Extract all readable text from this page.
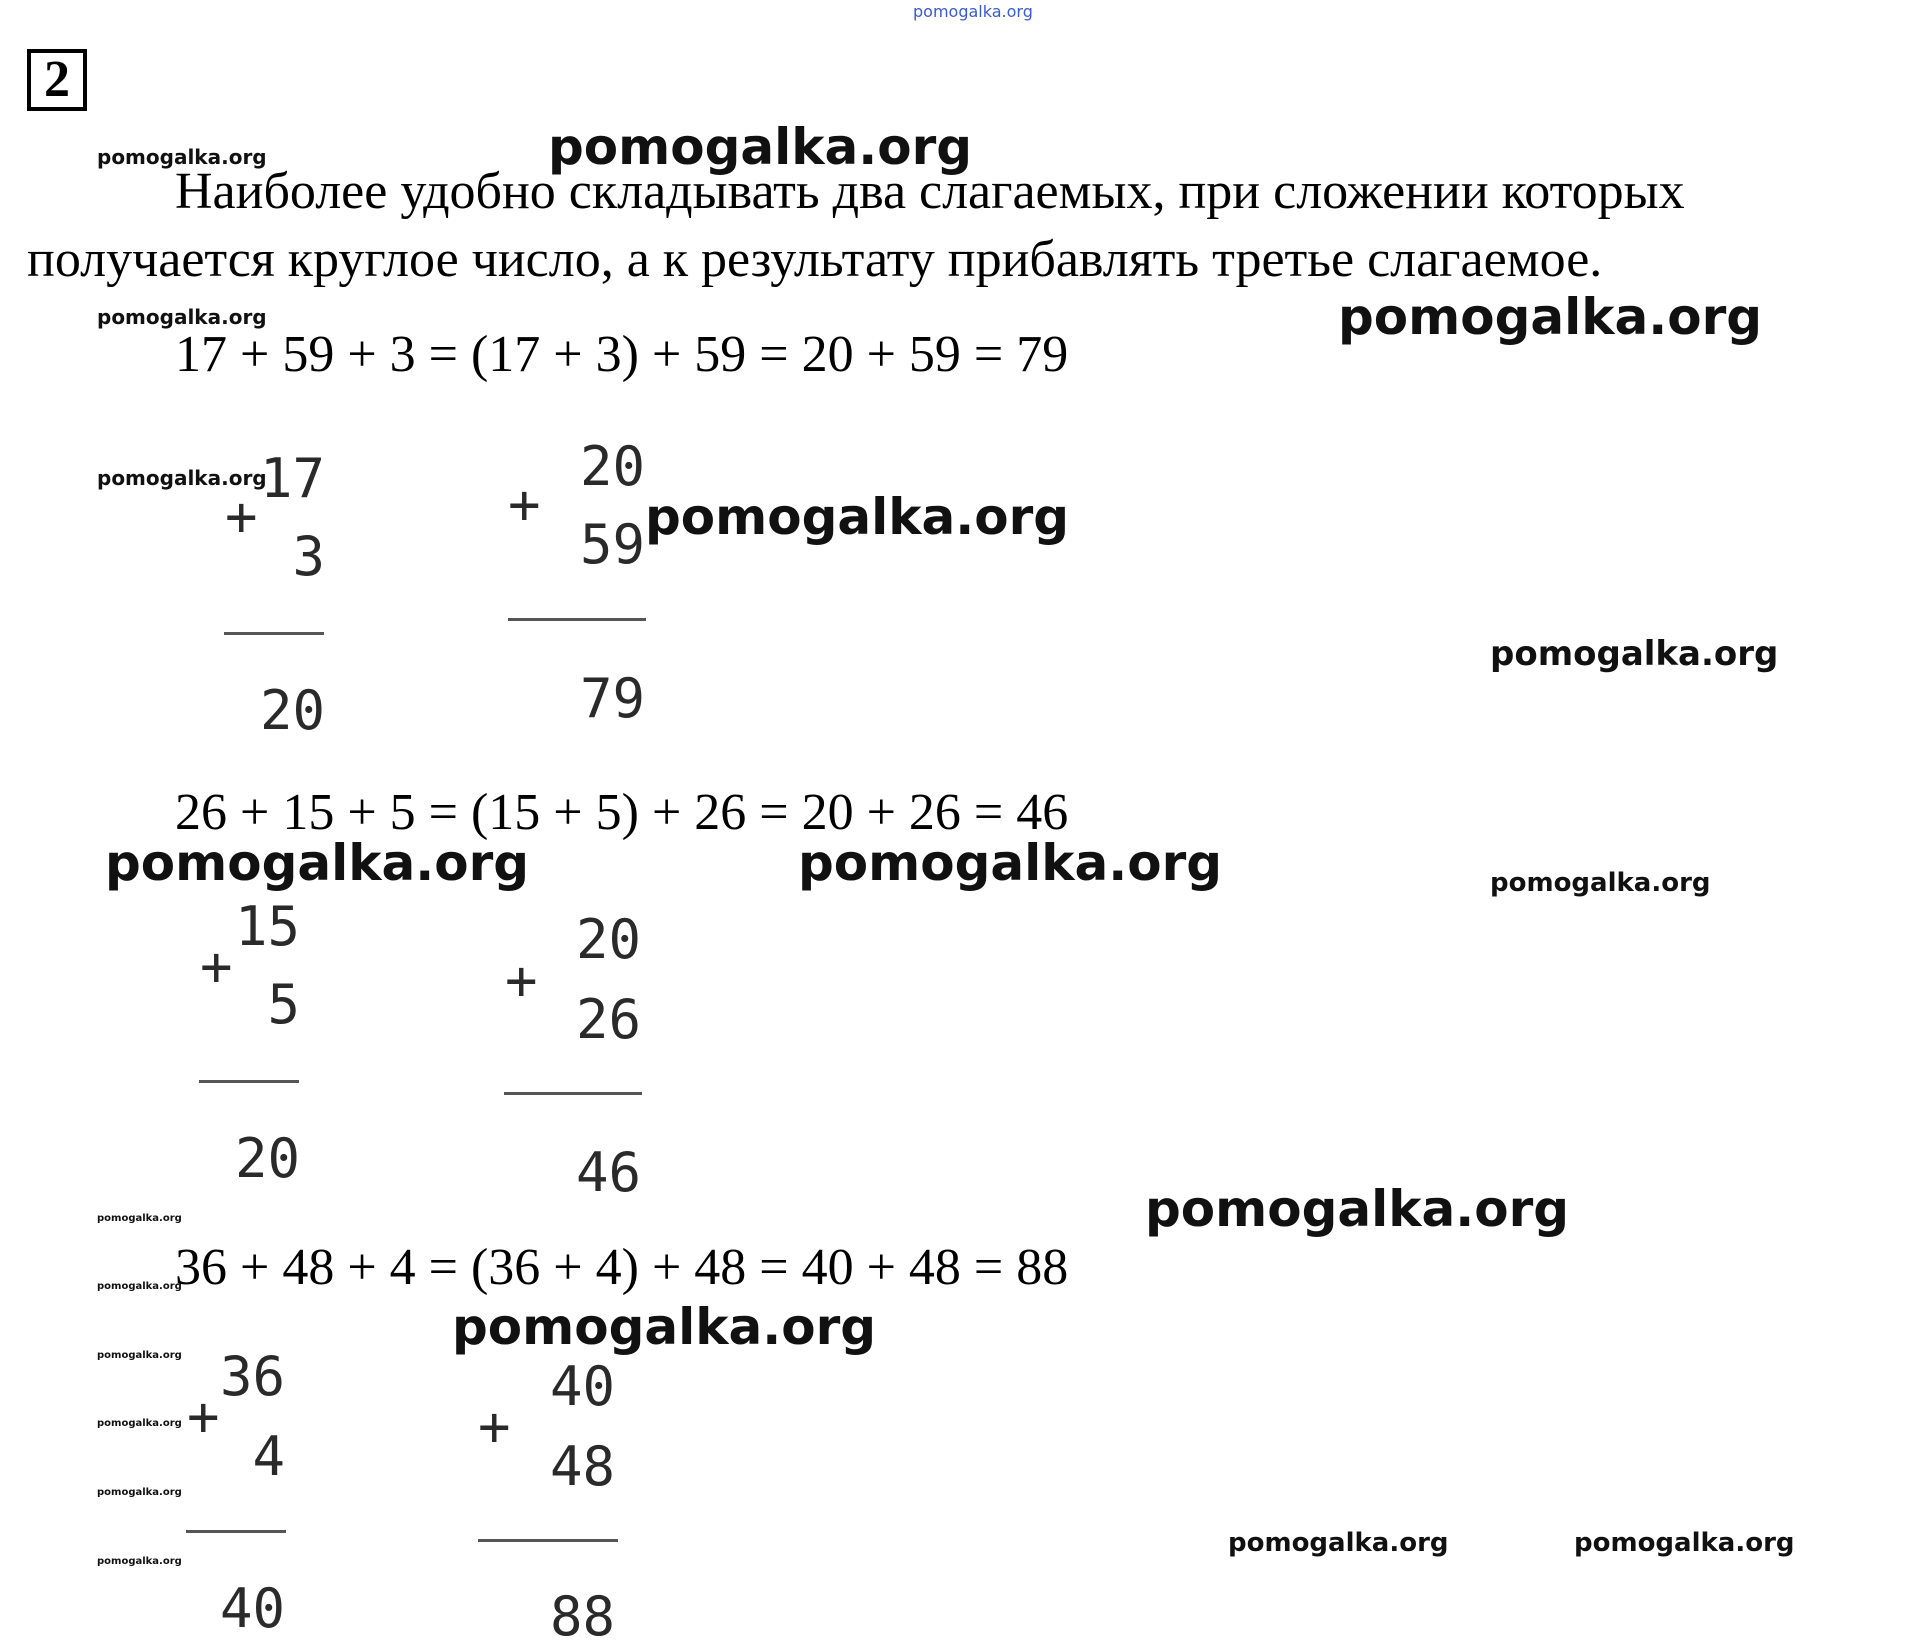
pomogalka.org
2
Наиболее удобно складывать два слагаемых, при сложении которых
получается круглое число, а к результату прибавлять третье слагаемое.
17 + 59 + 3 = (17 + 3) + 59 = 20 + 59 = 79
17
+
3
20
20
+
59
79
26 + 15 + 5 = (15 + 5) + 26 = 20 + 26 = 46
15
+
5
20
20
+
26
46
36 + 48 + 4 = (36 + 4) + 48 = 40 + 48 = 88
36
+
4
40
40
+
48
88
pomogalka.org
pomogalka.org
pomogalka.org	pomogalka.org
pomogalka.org
pomogalka.org
pomogalka.org
pomogalka.org	pomogalka.org	pomogalka.org
pomogalka.org
pomogalka.org
pomogalka.org
pomogalka.org
pomogalka.org
pomogalka.org
pomogalka.org
pomogalka.org
pomogalka.org	pomogalka.org
